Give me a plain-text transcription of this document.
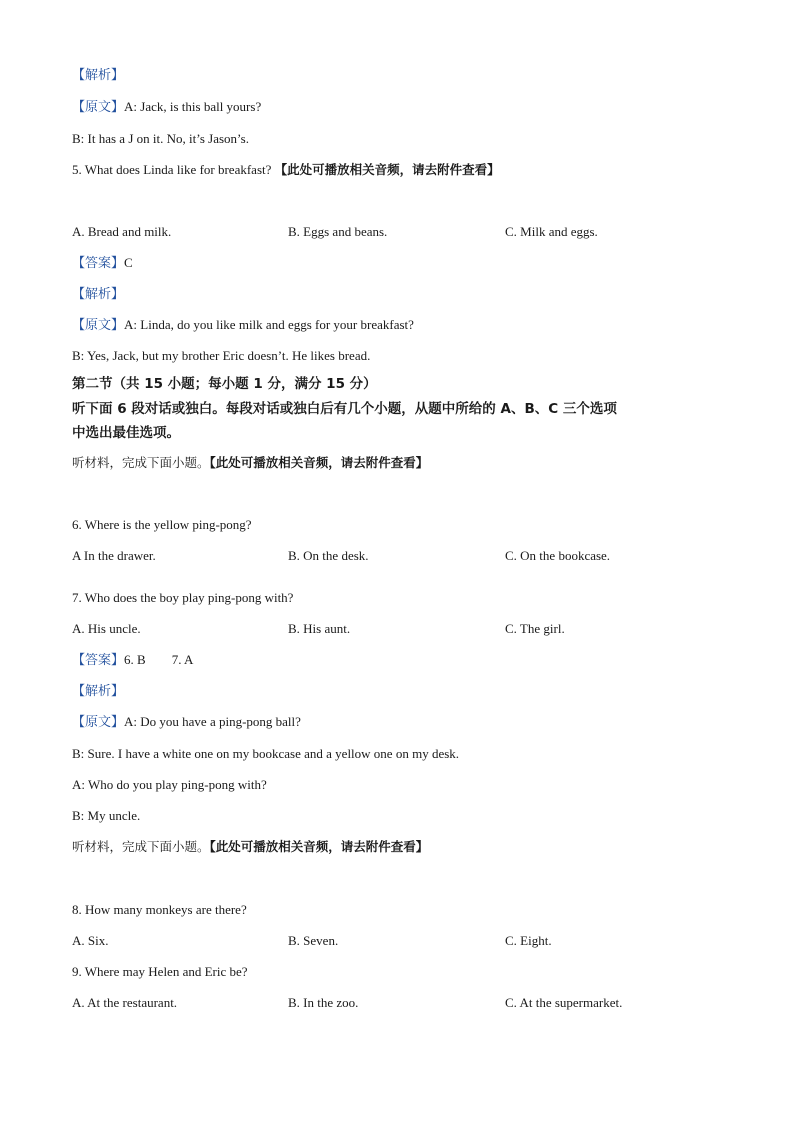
【解析】
【原文】A: Jack, is this ball yours?
B: It has a J on it. No, it’s Jason’s.
5. What does Linda like for breakfast? 【此处可播放相关音频，请去附件查看】
A. Bread and milk.	B. Eggs and beans.	C. Milk and eggs.
【答案】C
【解析】
【原文】A: Linda, do you like milk and eggs for your breakfast?
B: Yes, Jack, but my brother Eric doesn’t. He likes bread.
第二节（共 15 小题；每小题 1 分，满分 15 分）
听下面 6 段对话或独白。每段对话或独白后有几个小题，从题中所给的 A、B、C 三个选项
中选出最佳选项。
听材料，完成下面小题。【此处可播放相关音频，请去附件查看】
6. Where is the yellow ping-pong?
A In the drawer.	B. On the desk.	C. On the bookcase.
7. Who does the boy play ping-pong with?
A. His uncle.	B. His aunt.	C. The girl.
【答案】6. B 7. A
【解析】
【原文】A: Do you have a ping-pong ball?
B: Sure. I have a white one on my bookcase and a yellow one on my desk.
A: Who do you play ping-pong with?
B: My uncle.
听材料，完成下面小题。【此处可播放相关音频，请去附件查看】
8. How many monkeys are there?
A. Six.	B. Seven.	C. Eight.
9. Where may Helen and Eric be?
A. At the restaurant.	B. In the zoo.	C. At the supermarket.
